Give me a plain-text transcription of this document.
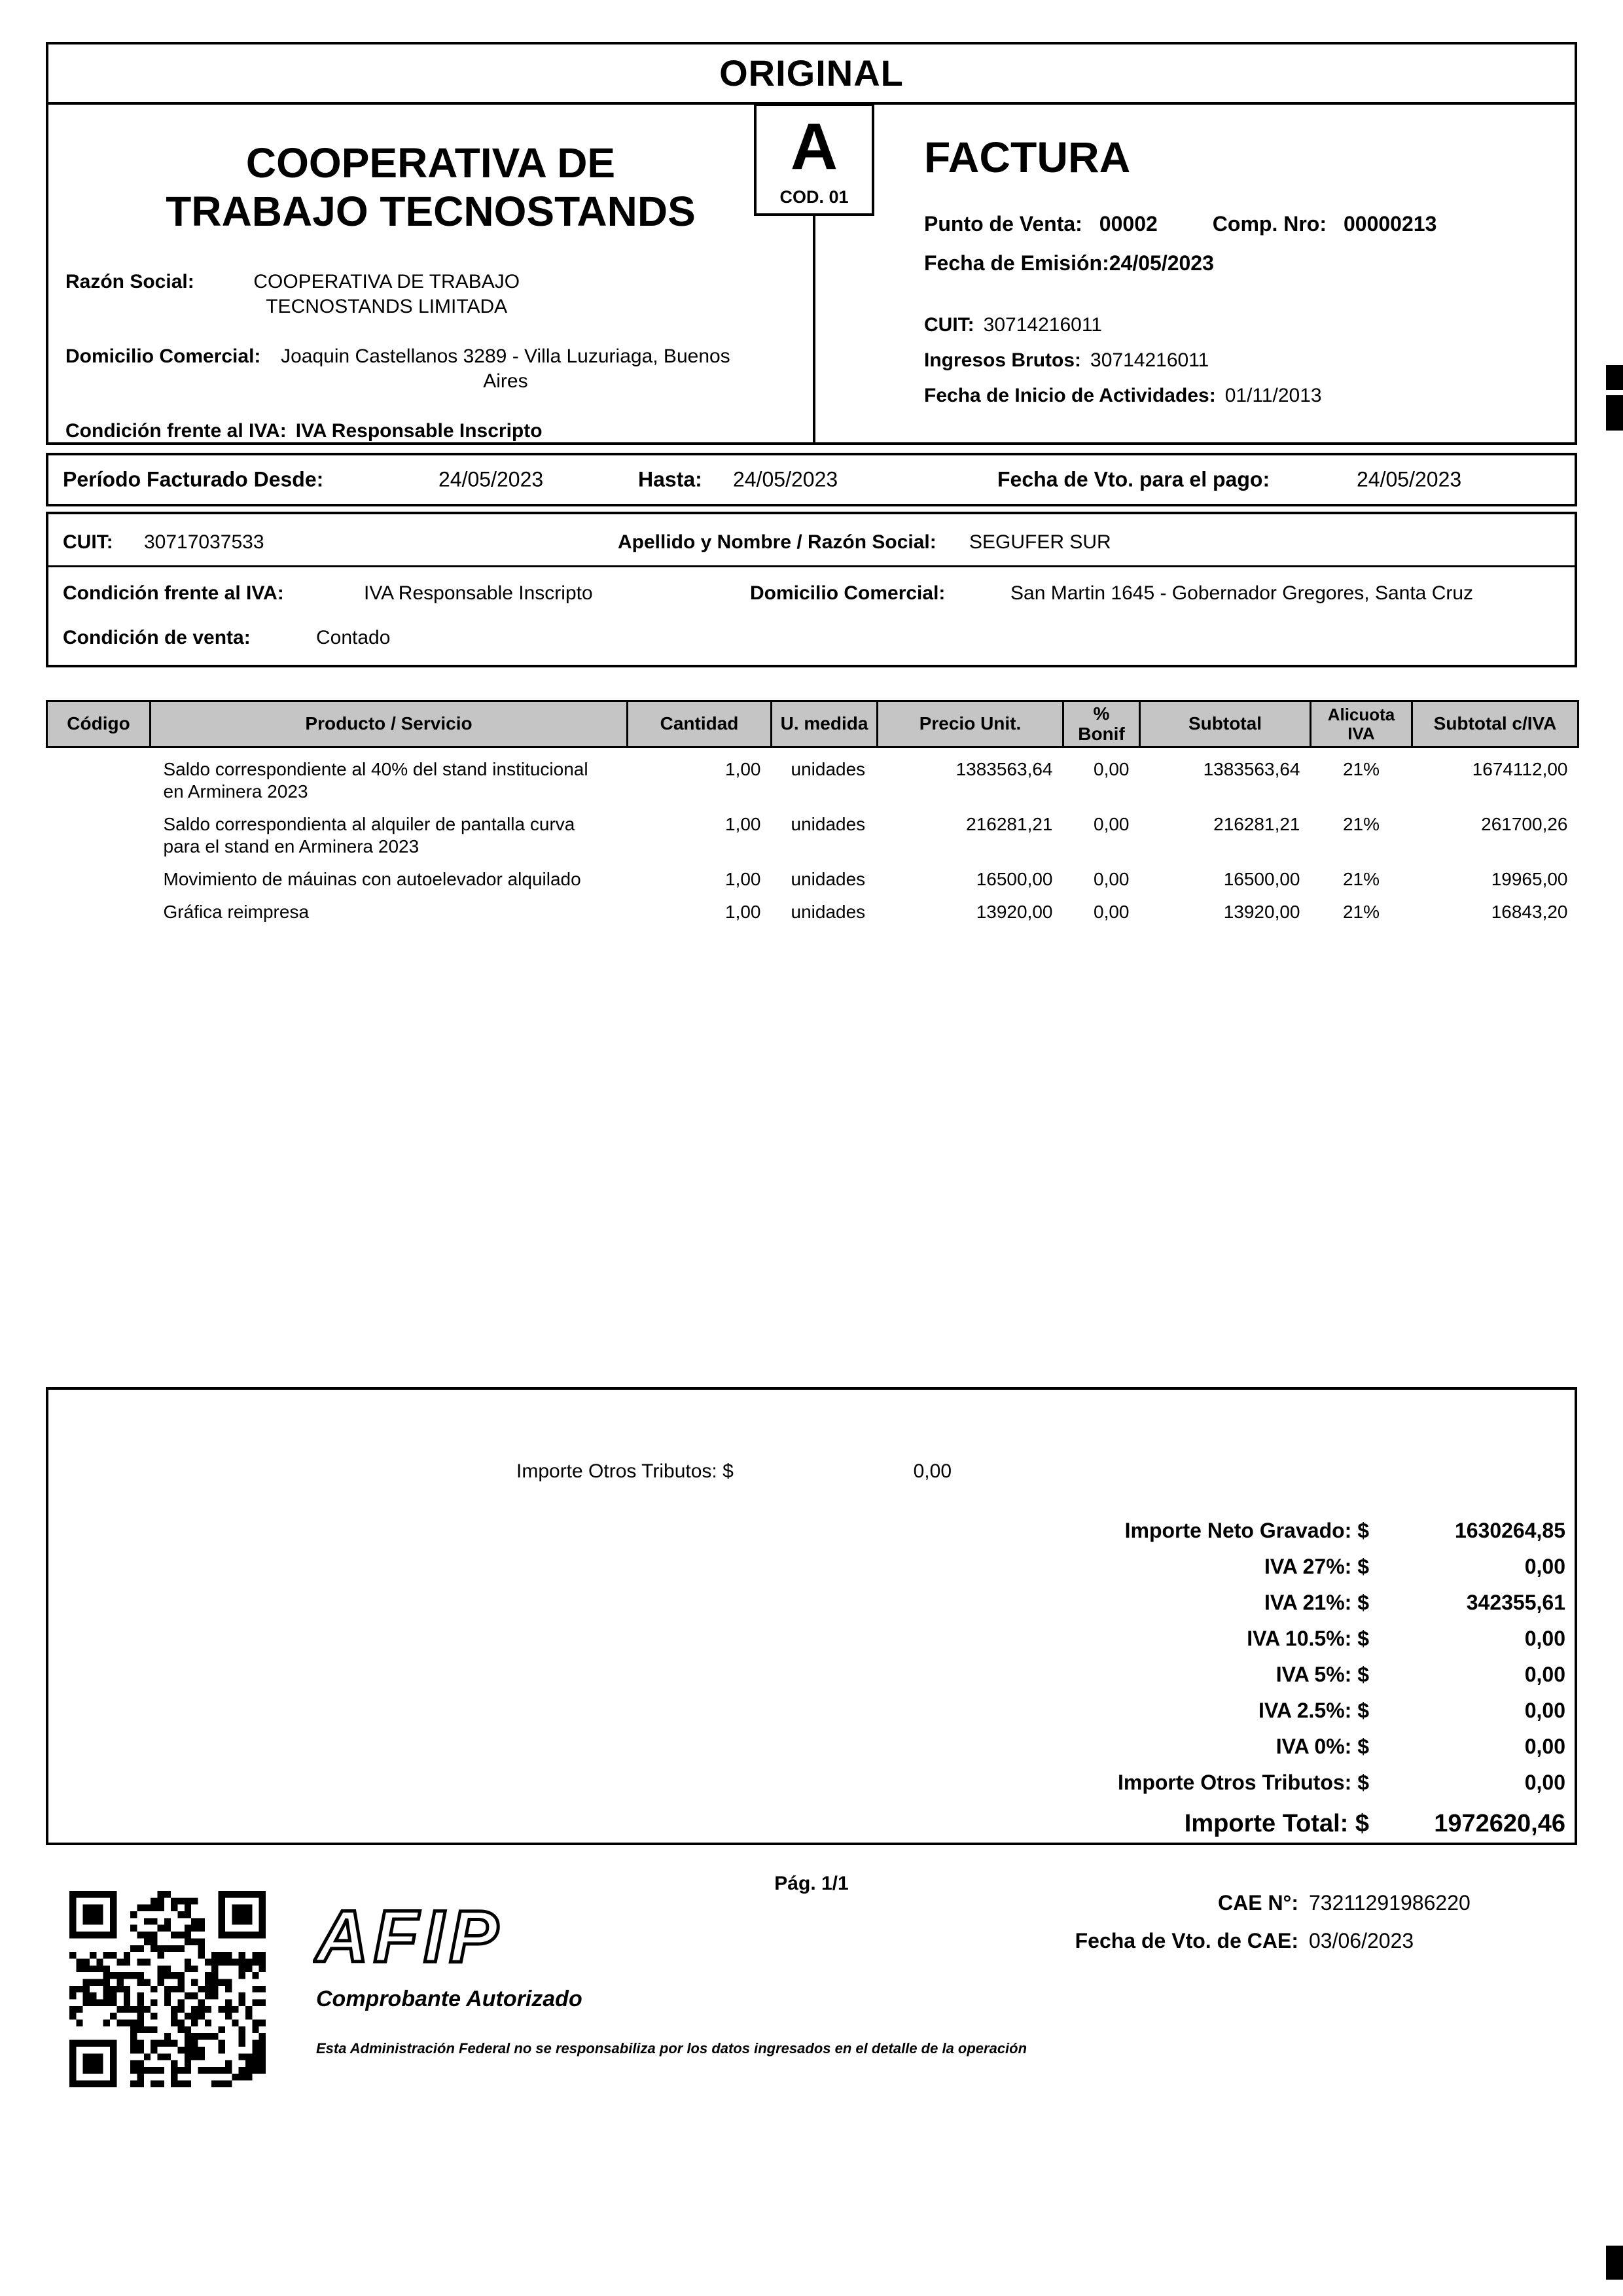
ORIGINAL
COOPERATIVA DE
TRABAJO TECNOSTANDS
Razón Social:	COOPERATIVA DE TRABAJO TECNOSTANDS LIMITADA
Domicilio Comercial:	Joaquin Castellanos 3289 - Villa Luzuriaga, Buenos Aires
Condición frente al IVA: IVA Responsable Inscripto
A
COD. 01
FACTURA
Punto de Venta: 00002	Comp. Nro: 00000213
Fecha de Emisión: 24/05/2023
CUIT: 30714216011
Ingresos Brutos: 30714216011
Fecha de Inicio de Actividades: 01/11/2013
Período Facturado Desde:	24/05/2023	Hasta: 24/05/2023	Fecha de Vto. para el pago:	24/05/2023
CUIT: 30717037533	Apellido y Nombre / Razón Social: SEGUFER SUR
Condición frente al IVA:	IVA Responsable Inscripto	Domicilio Comercial:	San Martin 1645 - Gobernador Gregores, Santa Cruz
Condición de venta:	Contado
Código	Producto / Servicio	Cantidad	U. medida	Precio Unit.	% Bonif	Subtotal	Alicuota IVA	Subtotal c/IVA
	Saldo correspondiente al 40% del stand institucional en Arminera 2023	1,00	unidades	1383563,64	0,00	1383563,64	21%	1674112,00
	Saldo correspondienta al alquiler de pantalla curva para el stand en Arminera 2023	1,00	unidades	216281,21	0,00	216281,21	21%	261700,26
	Movimiento de máuinas con autoelevador alquilado	1,00	unidades	16500,00	0,00	16500,00	21%	19965,00
	Gráfica reimpresa	1,00	unidades	13920,00	0,00	13920,00	21%	16843,20
Importe Otros Tributos: $	0,00
Importe Neto Gravado: $	1630264,85
IVA 27%: $	0,00
IVA 21%: $	342355,61
IVA 10.5%: $	0,00
IVA 5%: $	0,00
IVA 2.5%: $	0,00
IVA 0%: $	0,00
Importe Otros Tributos: $	0,00
Importe Total: $	1972620,46
Pág. 1/1
AFIP
Comprobante Autorizado
Esta Administración Federal no se responsabiliza por los datos ingresados en el detalle de la operación
CAE N°: 73211291986220
Fecha de Vto. de CAE: 03/06/2023
